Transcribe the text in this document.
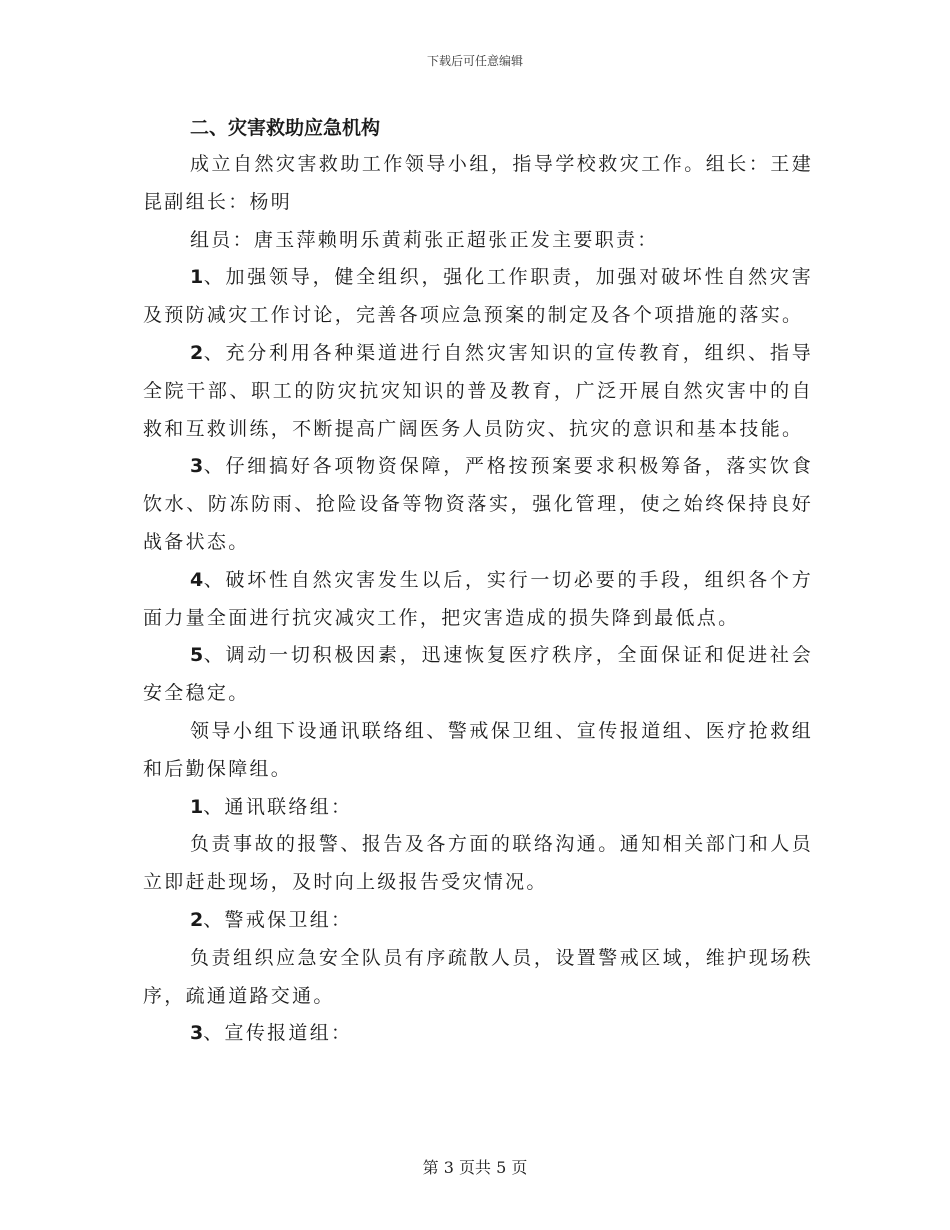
下载后可任意编辑
二、灾害救助应急机构

成立自然灾害救助工作领导小组，指导学校救灾工作。组长：王建昆副组长：杨明

组员：唐玉萍赖明乐黄莉张正超张正发主要职责：

1、加强领导，健全组织，强化工作职责，加强对破坏性自然灾害及预防减灾工作讨论，完善各项应急预案的制定及各个项措施的落实。

2、充分利用各种渠道进行自然灾害知识的宣传教育，组织、指导全院干部、职工的防灾抗灾知识的普及教育，广泛开展自然灾害中的自救和互救训练，不断提高广阔医务人员防灾、抗灾的意识和基本技能。

3、仔细搞好各项物资保障，严格按预案要求积极筹备，落实饮食饮水、防冻防雨、抢险设备等物资落实，强化管理，使之始终保持良好战备状态。

4、破坏性自然灾害发生以后，实行一切必要的手段，组织各个方面力量全面进行抗灾减灾工作，把灾害造成的损失降到最低点。

5、调动一切积极因素，迅速恢复医疗秩序，全面保证和促进社会安全稳定。

领导小组下设通讯联络组、警戒保卫组、宣传报道组、医疗抢救组和后勤保障组。

1、通讯联络组：

负责事故的报警、报告及各方面的联络沟通。通知相关部门和人员立即赶赴现场，及时向上级报告受灾情况。

2、警戒保卫组：

负责组织应急安全队员有序疏散人员，设置警戒区域，维护现场秩序，疏通道路交通。

3、宣传报道组：

第 3 页共 5 页
